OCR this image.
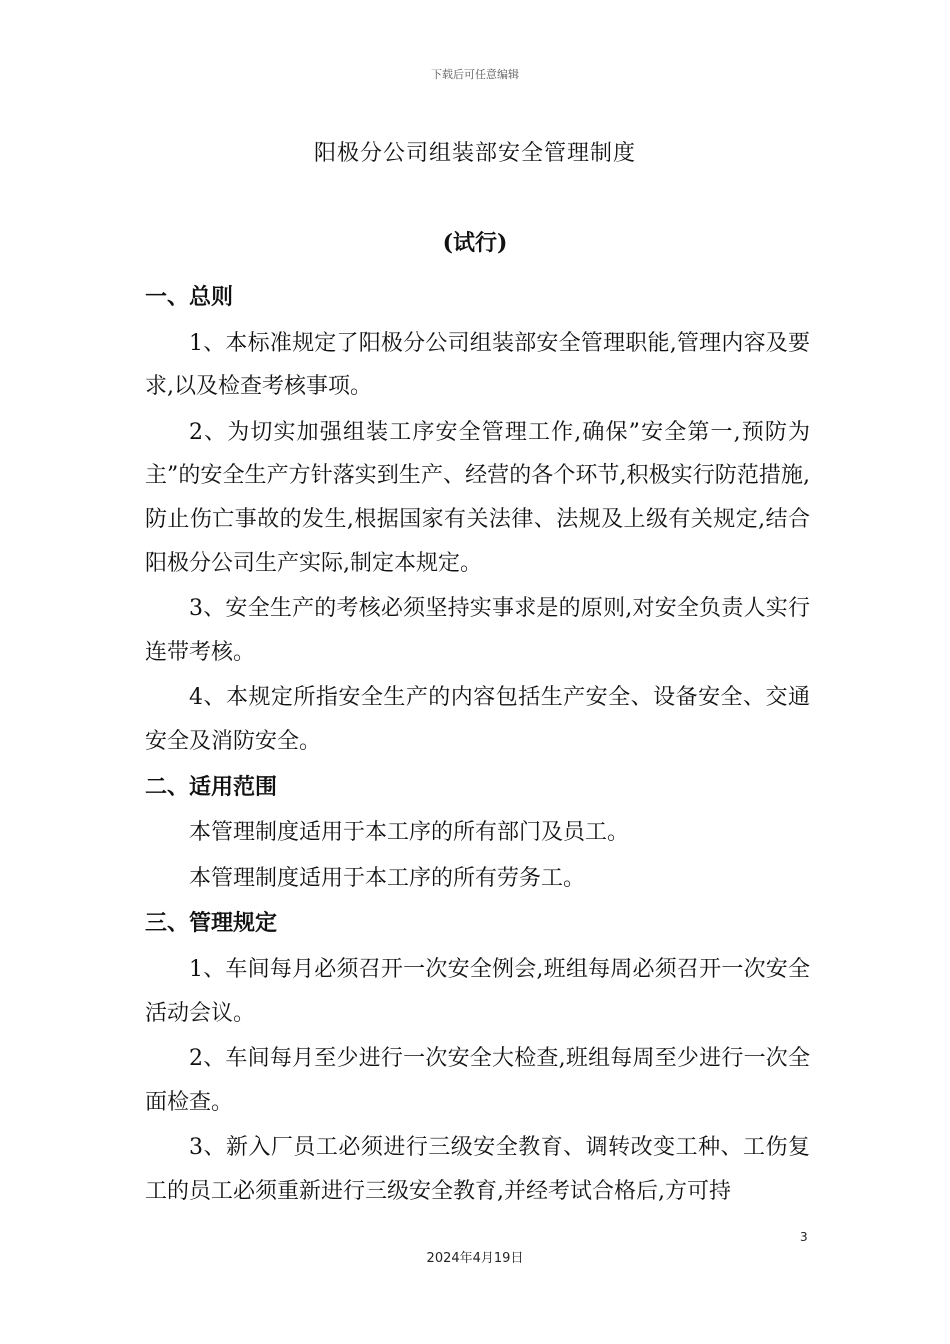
下载后可任意编辑
阳极分公司组装部安全管理制度
(试行)
一、总则

1、本标准规定了阳极分公司组装部安全管理职能,管理内容及要求,以及检查考核事项。

2、为切实加强组装工序安全管理工作,确保”安全第一,预防为主”的安全生产方针落实到生产、经营的各个环节,积极实行防范措施,防止伤亡事故的发生,根据国家有关法律、法规及上级有关规定,结合阳极分公司生产实际,制定本规定。

3、安全生产的考核必须坚持实事求是的原则,对安全负责人实行连带考核。

4、本规定所指安全生产的内容包括生产安全、设备安全、交通安全及消防安全。

二、适用范围

本管理制度适用于本工序的所有部门及员工。

本管理制度适用于本工序的所有劳务工。

三、管理规定

1、车间每月必须召开一次安全例会,班组每周必须召开一次安全活动会议。

2、车间每月至少进行一次安全大检查,班组每周至少进行一次全面检查。

3、新入厂员工必须进行三级安全教育、调转改变工种、工伤复工的员工必须重新进行三级安全教育,并经考试合格后,方可持

3
2024年4月19日
